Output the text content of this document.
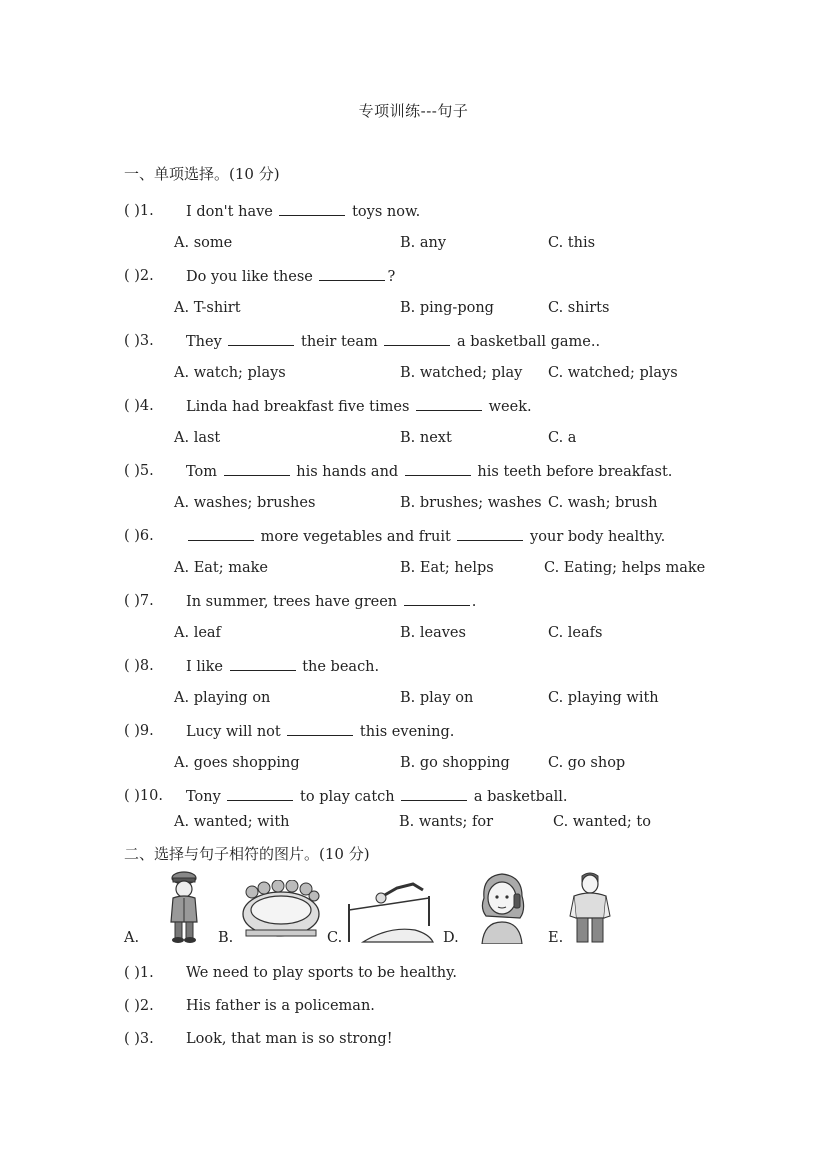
专项训练---句子
一、单项选择。(10 分)
( )1. I don't have	toys now.
A. some	B. any	C. this
( )2. Do you like these	?
A. T-shirt	B. ping-pong	C. shirts
( )3. They	their team	a basketball game..
A. watch; plays	B. watched; play C. watched; plays
( )4. Linda had breakfast five times	week.
A. last	B. next	C. a
( )5. Tom	his hands and	his teeth before breakfast.
A. washes; brushes	B. brushes; washes C. wash; brush
( )6.	more vegetables and fruit	your body healthy.
A. Eat; make	B. Eat; helps	C. Eating; helps make
( )7. In summer, trees have green	.
A. leaf	B. leaves	C. leafs
( )8. I like	the beach.
A. playing on	B. play on	C. playing with
( )9. Lucy will not	this evening.
A. goes shopping	B. go shopping	C. go shop
( )10. Tony	to play catch	a basketball.
A. wanted; with	B. wants; for	C. wanted; to
二、选择与句子相符的图片。(10 分)
A.	B.	C.	D.	E.
( )1. We need to play sports to be healthy.
( )2. His father is a policeman.
( )3. Look, that man is so strong!
